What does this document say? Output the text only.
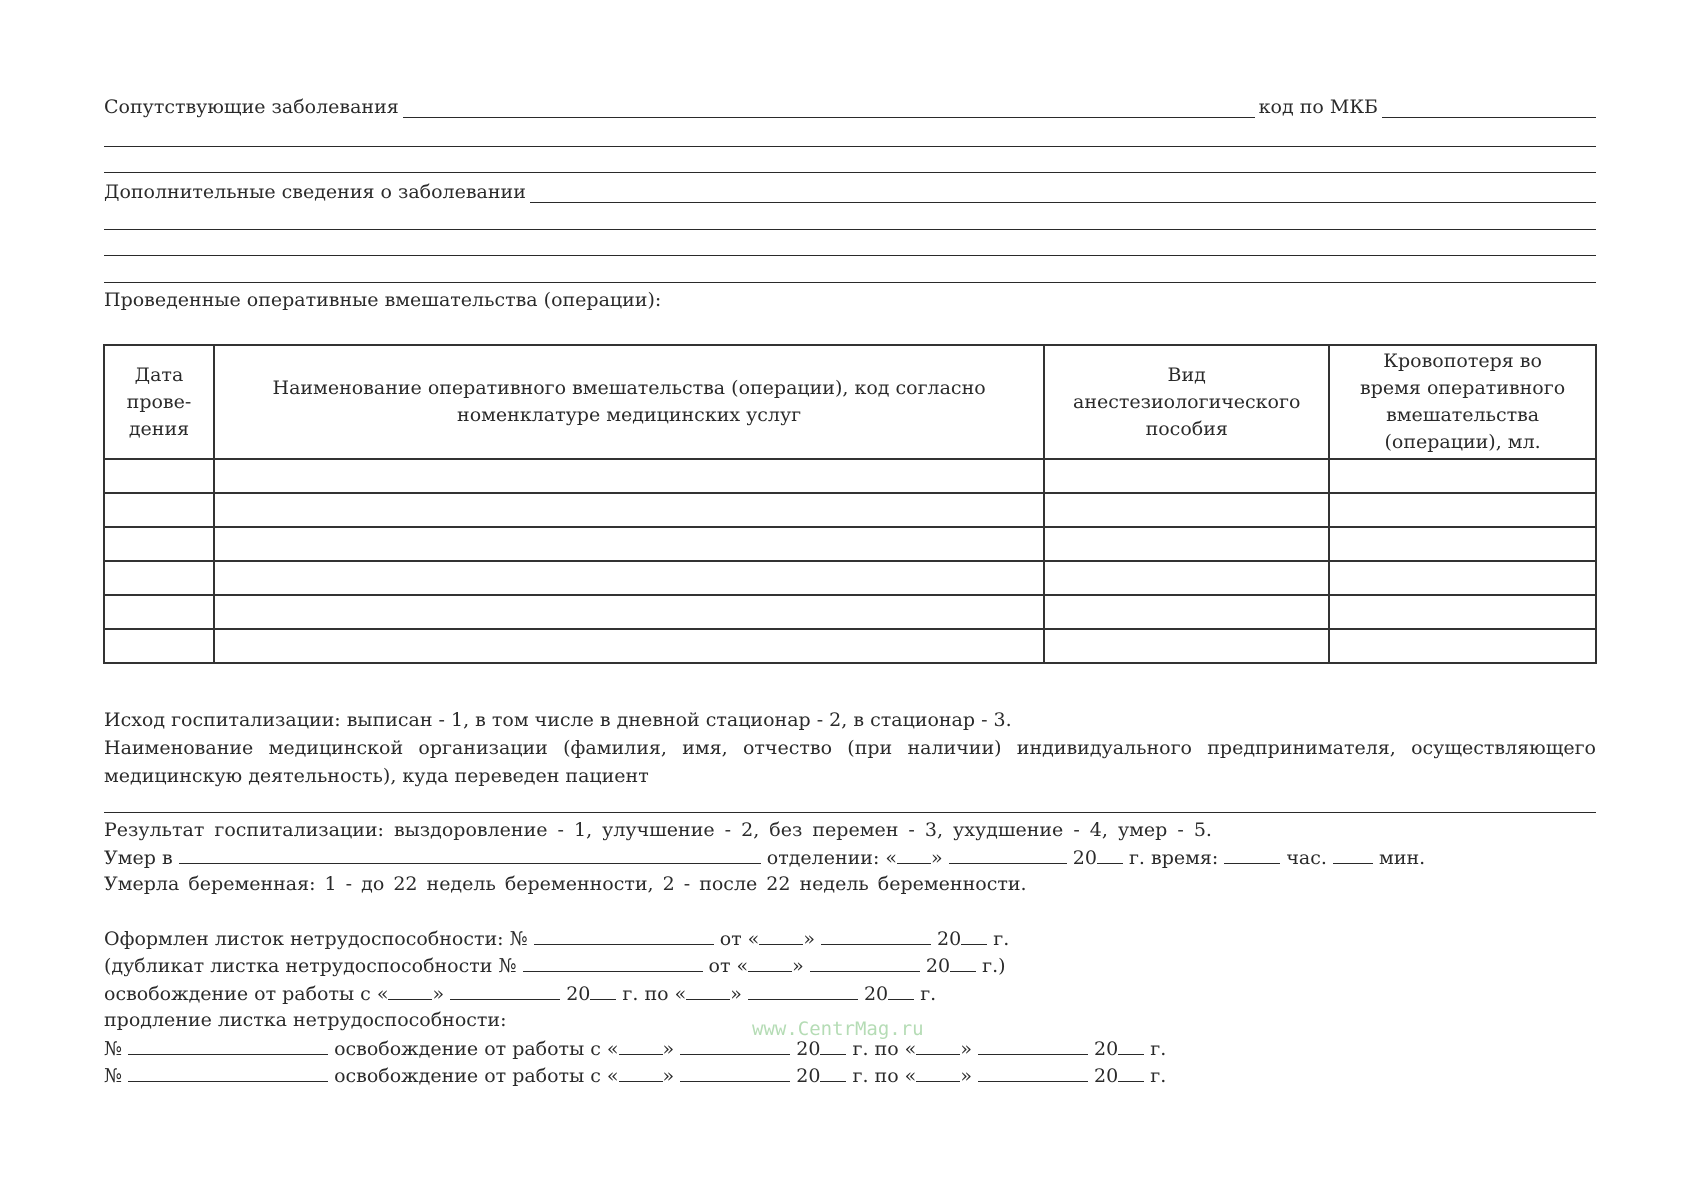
Сопутствующие заболевания	код по МКБ
Дополнительные сведения о заболевании
Проведенные оперативные вмешательства (операции):
Дата прове-дения	Наименование оперативного вмешательства (операции), код согласно номенклатуре медицинских услуг	Вид анестезиологического пособия	Кровопотеря во время оперативного вмешательства (операции), мл.

Исход госпитализации: выписан - 1, в том числе в дневной стационар - 2, в стационар - 3.
Наименование медицинской организации (фамилия, имя, отчество (при наличии) индивидуального предпринимателя, осуществляющего
медицинскую деятельность), куда переведен пациент
Результат госпитализации: выздоровление - 1, улучшение - 2, без перемен - 3, ухудшение - 4, умер - 5.
Умер в	отделении: « »	20 г. время:	час.	мин.
Умерла беременная: 1 - до 22 недель беременности, 2 - после 22 недель беременности.
Оформлен листок нетрудоспособности: №	от « »	20 г.
(дубликат листка нетрудоспособности №	от « »	20 г.)
освобождение от работы с « »	20 г. по « »	20 г.
продление листка нетрудоспособности:
№	освобождение от работы с « »	20 г. по « »	20 г.
№	освобождение от работы с « »	20 г. по « »	20 г.
www.CentrMag.ru
